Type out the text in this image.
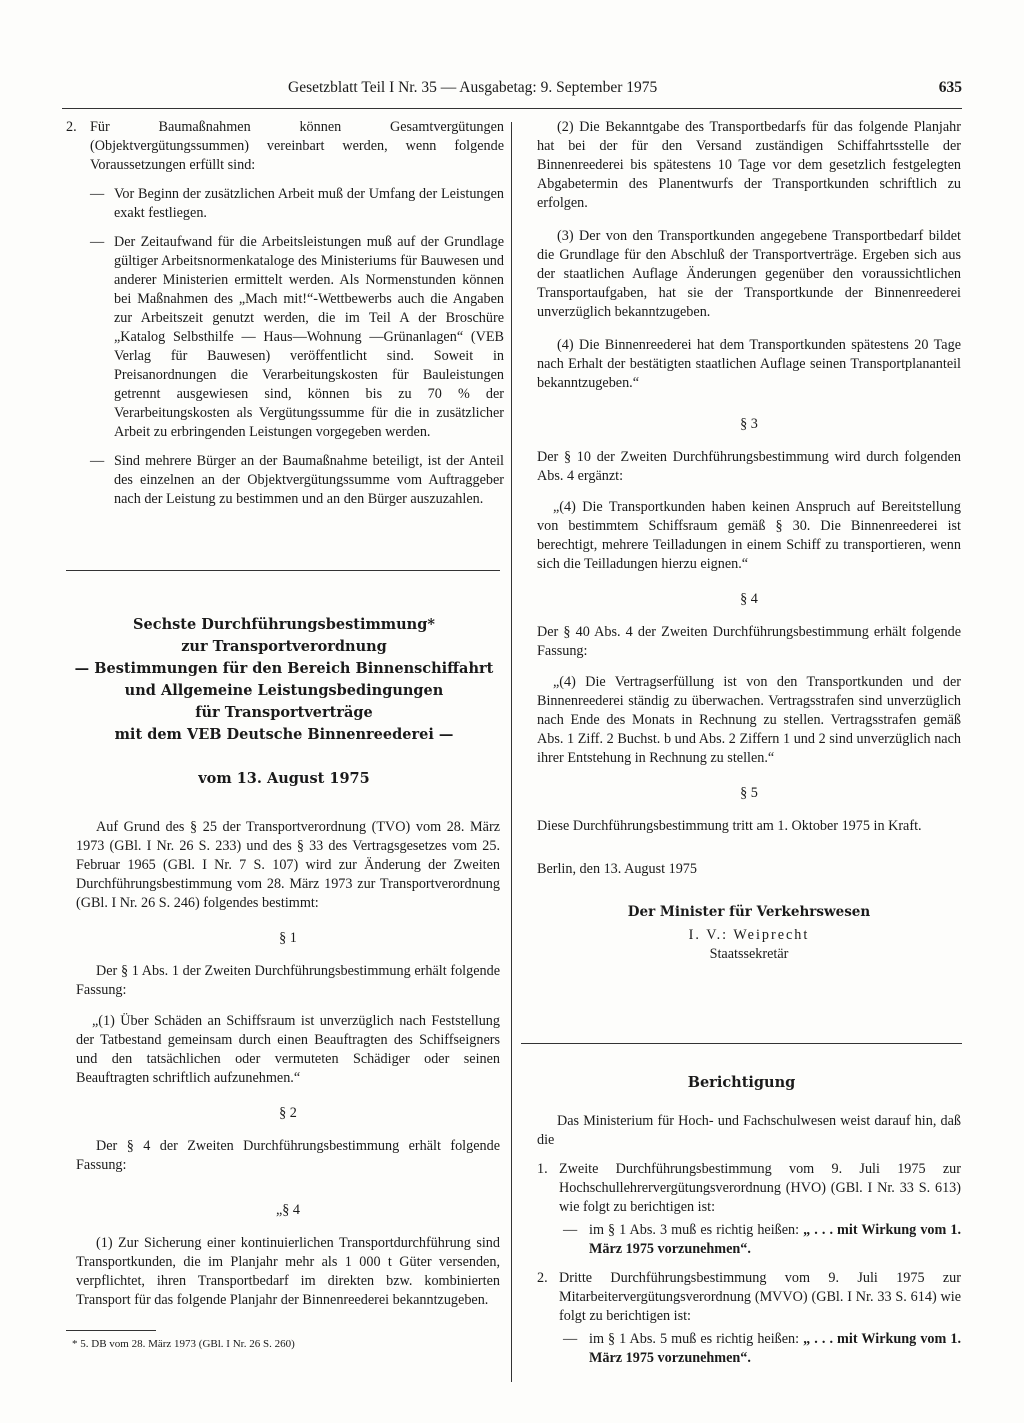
Gesetzblatt Teil I Nr. 35 — Ausgabetag: 9. September 1975	635
2. Für Baumaßnahmen können Gesamtvergütungen (Objektvergütungssummen) vereinbart werden, wenn folgende Voraussetzungen erfüllt sind:

— Vor Beginn der zusätzlichen Arbeit muß der Umfang der Leistungen exakt festliegen.

— Der Zeitaufwand für die Arbeitsleistungen muß auf der Grundlage gültiger Arbeitsnormenkataloge des Ministeriums für Bauwesen und anderer Ministerien ermittelt werden. Als Normenstunden können bei Maßnahmen des „Mach mit!“-Wettbewerbs auch die Angaben zur Arbeitszeit genutzt werden, die im Teil A der Broschüre „Katalog Selbsthilfe — Haus—Wohnung —Grünanlagen“ (VEB Verlag für Bauwesen) veröffentlicht sind. Soweit in Preisanordnungen die Verarbeitungskosten für Bauleistungen getrennt ausgewiesen sind, können bis zu 70 % der Verarbeitungskosten als Vergütungssumme für die in zusätzlicher Arbeit zu erbringenden Leistungen vorgegeben werden.

— Sind mehrere Bürger an der Baumaßnahme beteiligt, ist der Anteil des einzelnen an der Objektvergütungssumme vom Auftraggeber nach der Leistung zu bestimmen und an den Bürger auszuzahlen.

Sechste Durchführungsbestimmung*
zur Transportverordnung
— Bestimmungen für den Bereich Binnenschiffahrt
und Allgemeine Leistungsbedingungen
für Transportverträge
mit dem VEB Deutsche Binnenreederei —
vom 13. August 1975

Auf Grund des § 25 der Transportverordnung (TVO) vom 28. März 1973 (GBl. I Nr. 26 S. 233) und des § 33 des Vertragsgesetzes vom 25. Februar 1965 (GBl. I Nr. 7 S. 107) wird zur Änderung der Zweiten Durchführungsbestimmung vom 28. März 1973 zur Transportverordnung (GBl. I Nr. 26 S. 246) folgendes bestimmt:

§ 1

Der § 1 Abs. 1 der Zweiten Durchführungsbestimmung erhält folgende Fassung:

„(1) Über Schäden an Schiffsraum ist unverzüglich nach Feststellung der Tatbestand gemeinsam durch einen Beauftragten des Schiffseigners und den tatsächlichen oder vermuteten Schädiger oder seinen Beauftragten schriftlich aufzunehmen.“

§ 2

Der § 4 der Zweiten Durchführungsbestimmung erhält folgende Fassung:

„§ 4

(1) Zur Sicherung einer kontinuierlichen Transportdurchführung sind Transportkunden, die im Planjahr mehr als 1 000 t Güter versenden, verpflichtet, ihren Transportbedarf im direkten bzw. kombinierten Transport für das folgende Planjahr der Binnenreederei bekanntzugeben.

* 5. DB vom 28. März 1973 (GBl. I Nr. 26 S. 260)

(2) Die Bekanntgabe des Transportbedarfs für das folgende Planjahr hat bei der für den Versand zuständigen Schiffahrtsstelle der Binnenreederei bis spätestens 10 Tage vor dem gesetzlich festgelegten Abgabetermin des Planentwurfs der Transportkunden schriftlich zu erfolgen.

(3) Der von den Transportkunden angegebene Transportbedarf bildet die Grundlage für den Abschluß der Transportverträge. Ergeben sich aus der staatlichen Auflage Änderungen gegenüber den voraussichtlichen Transportaufgaben, hat sie der Transportkunde der Binnenreederei unverzüglich bekanntzugeben.

(4) Die Binnenreederei hat dem Transportkunden spätestens 20 Tage nach Erhalt der bestätigten staatlichen Auflage seinen Transportplananteil bekanntzugeben.“

§ 3

Der § 10 der Zweiten Durchführungsbestimmung wird durch folgenden Abs. 4 ergänzt:

„(4) Die Transportkunden haben keinen Anspruch auf Bereitstellung von bestimmtem Schiffsraum gemäß § 30. Die Binnenreederei ist berechtigt, mehrere Teilladungen in einem Schiff zu transportieren, wenn sich die Teilladungen hierzu eignen.“

§ 4

Der § 40 Abs. 4 der Zweiten Durchführungsbestimmung erhält folgende Fassung:

„(4) Die Vertragserfüllung ist von den Transportkunden und der Binnenreederei ständig zu überwachen. Vertragsstrafen sind unverzüglich nach Ende des Monats in Rechnung zu stellen. Vertragsstrafen gemäß Abs. 1 Ziff. 2 Buchst. b und Abs. 2 Ziffern 1 und 2 sind unverzüglich nach ihrer Entstehung in Rechnung zu stellen.“

§ 5

Diese Durchführungsbestimmung tritt am 1. Oktober 1975 in Kraft.

Berlin, den 13. August 1975

Der Minister für Verkehrswesen
I. V.: Weiprecht
Staatssekretär
Berichtigung

Das Ministerium für Hoch- und Fachschulwesen weist darauf hin, daß die

1. Zweite Durchführungsbestimmung vom 9. Juli 1975 zur Hochschullehrervergütungsverordnung (HVO) (GBl. I Nr. 33 S. 613) wie folgt zu berichtigen ist:

— im § 1 Abs. 3 muß es richtig heißen: „ . . . mit Wirkung vom 1. März 1975 vorzunehmen“.

2. Dritte Durchführungsbestimmung vom 9. Juli 1975 zur Mitarbeitervergütungsverordnung (MVVO) (GBl. I Nr. 33 S. 614) wie folgt zu berichtigen ist:

— im § 1 Abs. 5 muß es richtig heißen: „ . . . mit Wirkung vom 1. März 1975 vorzunehmen“.
